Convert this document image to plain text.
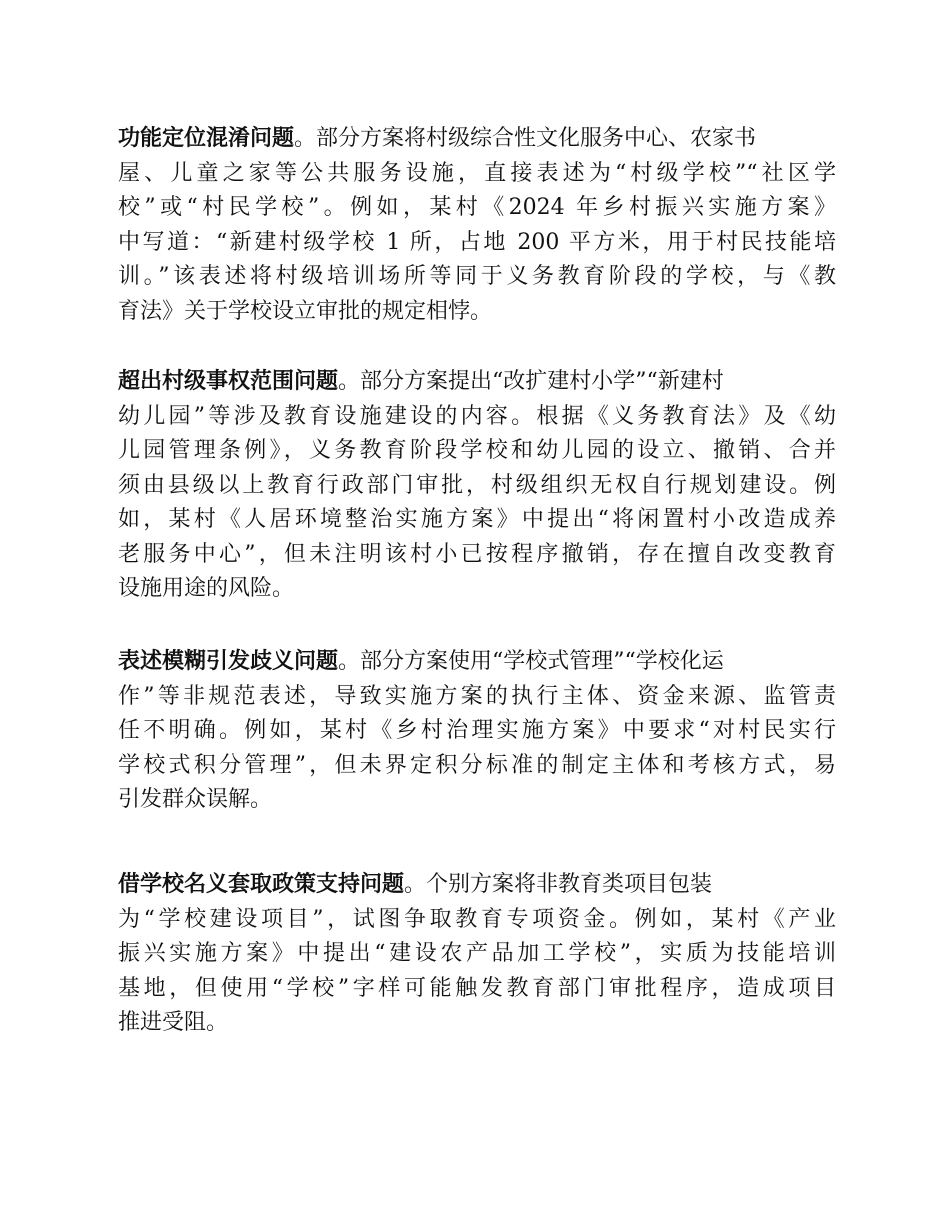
功能定位混淆问题。部分方案将村级综合性文化服务中心、农家书
屋、儿童之家等公共服务设施，直接表述为“村级学校”“社区学
校”或“村民学校”。例如，某村《2024 年乡村振兴实施方案》
中写道：“新建村级学校 1 所，占地 200 平方米，用于村民技能培
训。”该表述将村级培训场所等同于义务教育阶段的学校，与《教
育法》关于学校设立审批的规定相悖。
超出村级事权范围问题。部分方案提出“改扩建村小学”“新建村
幼儿园”等涉及教育设施建设的内容。根据《义务教育法》及《幼
儿园管理条例》，义务教育阶段学校和幼儿园的设立、撤销、合并
须由县级以上教育行政部门审批，村级组织无权自行规划建设。例
如，某村《人居环境整治实施方案》中提出“将闲置村小改造成养
老服务中心”，但未注明该村小已按程序撤销，存在擅自改变教育
设施用途的风险。
表述模糊引发歧义问题。部分方案使用“学校式管理”“学校化运
作”等非规范表述，导致实施方案的执行主体、资金来源、监管责
任不明确。例如，某村《乡村治理实施方案》中要求“对村民实行
学校式积分管理”，但未界定积分标准的制定主体和考核方式，易
引发群众误解。
借学校名义套取政策支持问题。个别方案将非教育类项目包装
为“学校建设项目”，试图争取教育专项资金。例如，某村《产业
振兴实施方案》中提出“建设农产品加工学校”，实质为技能培训
基地，但使用“学校”字样可能触发教育部门审批程序，造成项目
推进受阻。
